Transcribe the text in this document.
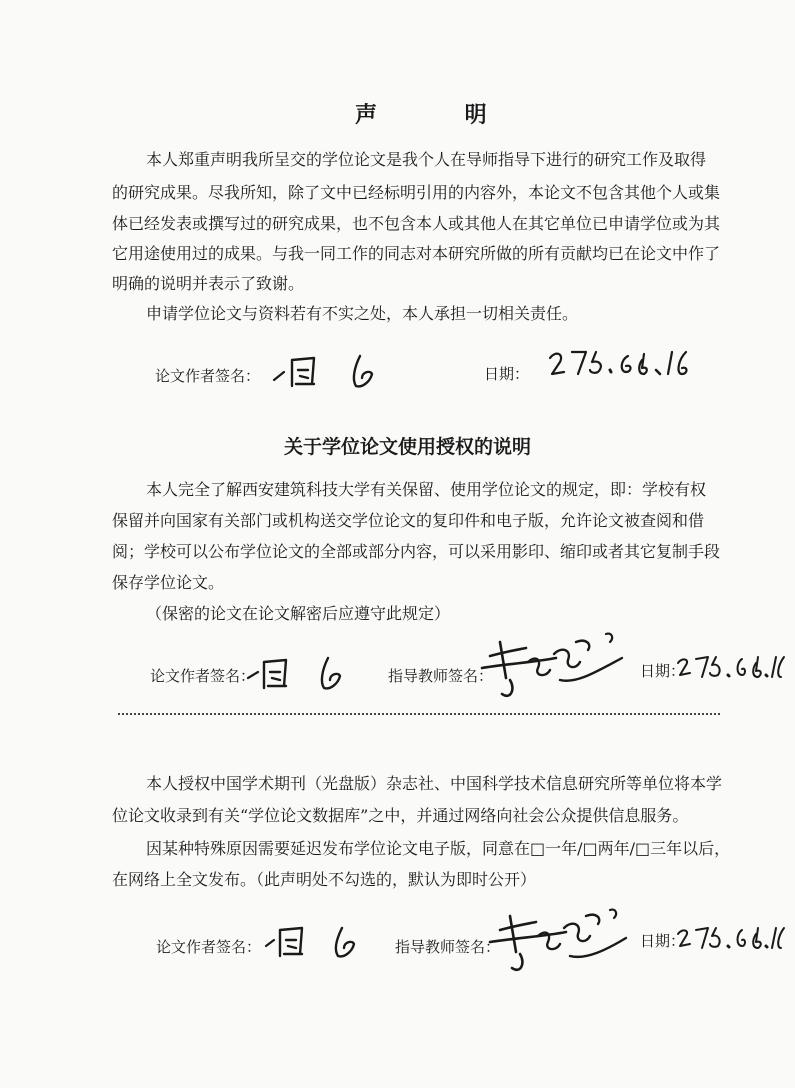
声 明
本人郑重声明我所呈交的学位论文是我个人在导师指导下进行的研究工作及取得
的研究成果。尽我所知，除了文中已经标明引用的内容外，本论文不包含其他个人或集
体已经发表或撰写过的研究成果，也不包含本人或其他人在其它单位已申请学位或为其
它用途使用过的成果。与我一同工作的同志对本研究所做的所有贡献均已在论文中作了
明确的说明并表示了致谢。
申请学位论文与资料若有不实之处，本人承担一切相关责任。
论文作者签名：	日期：
关于学位论文使用授权的说明
本人完全了解西安建筑科技大学有关保留、使用学位论文的规定，即：学校有权
保留并向国家有关部门或机构送交学位论文的复印件和电子版，允许论文被查阅和借
阅；学校可以公布学位论文的全部或部分内容，可以采用影印、缩印或者其它复制手段
保存学位论文。
（保密的论文在论文解密后应遵守此规定）
论文作者签名：	指导教师签名：	日期：
本人授权中国学术期刊（光盘版）杂志社、中国科学技术信息研究所等单位将本学
位论文收录到有关“学位论文数据库”之中，并通过网络向社会公众提供信息服务。
因某种特殊原因需要延迟发布学位论文电子版，同意在□一年/□两年/□三年以后，
在网络上全文发布。（此声明处不勾选的，默认为即时公开）
论文作者签名：	指导教师签名：	日期：
